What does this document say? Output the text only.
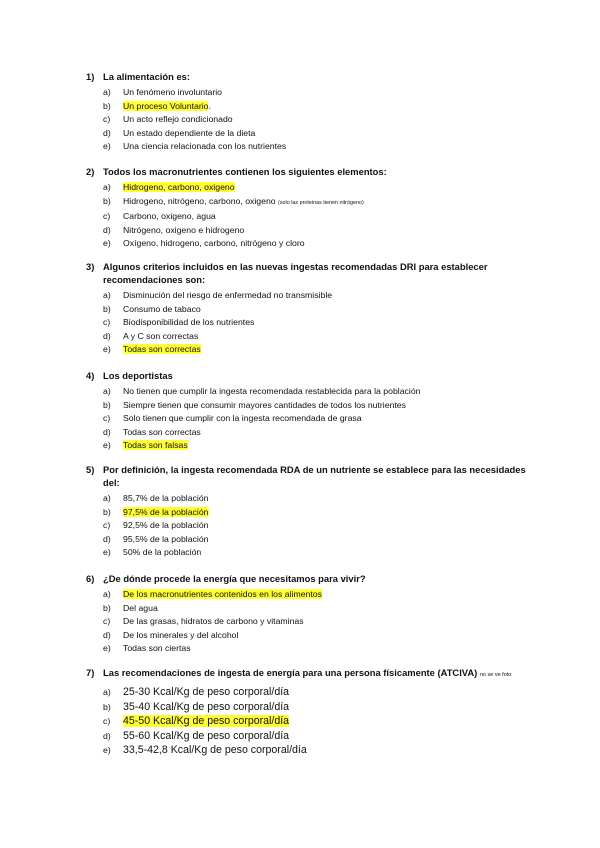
1) La alimentación es:
a)	Un fenómeno involuntario
b)	Un proceso Voluntario.
c)	Un acto reflejo condicionado
d)	Un estado dependiente de la dieta
e)	Una ciencia relacionada con los nutrientes
2) Todos los macronutrientes contienen los siguientes elementos:
a)	Hidrogeno, carbono, oxigeno
b)	Hidrogeno, nitrógeno, carbono, oxigeno (solo las proteinas tienen nitrógeno)
c)	Carbono, oxigeno, agua
d)	Nitrógeno, oxigeno e hidrogeno
e)	Oxígeno, hidrogeno, carbono, nitrógeno y cloro
3) Algunos criterios incluidos en las nuevas ingestas recomendadas DRI para establecer recomendaciones son:
a)	Disminución del riesgo de enfermedad no transmisible
b)	Consumo de tabaco
c)	Biodisponibilidad de los nutrientes
d)	A y C son correctas
e)	Todas son correctas
4) Los deportistas
a)	No tienen que cumplir la ingesta recomendada restablecida para la población
b)	Siempre tienen que consumir mayores cantidades de todos los nutrientes
c)	Solo tienen que cumplir con la ingesta recomendada de grasa
d)	Todas son correctas
e)	Todas son falsas
5) Por definición, la ingesta recomendada RDA de un nutriente se establece para las necesidades del:
a)	85,7% de la población
b)	97,5% de la población
c)	92,5% de la población
d)	95,5% de la población
e)	50% de la población
6) ¿De dónde procede la energía que necesitamos para vivir?
a)	De los macronutrientes contenidos en los alimentos
b)	Del agua
c)	De las grasas, hidratos de carbono y vitaminas
d)	De los minerales y del alcohol
e)	Todas son ciertas
7) Las recomendaciones de ingesta de energía para una persona físicamente (ATCIVA) no se ve foto
a)	25-30 Kcal/Kg de peso corporal/día
b)	35-40 Kcal/Kg de peso corporal/día
c)	45-50 Kcal/Kg de peso corporal/día
d)	55-60 Kcal/Kg de peso corporal/día
e)	33,5-42,8 Kcal/Kg de peso corporal/día
